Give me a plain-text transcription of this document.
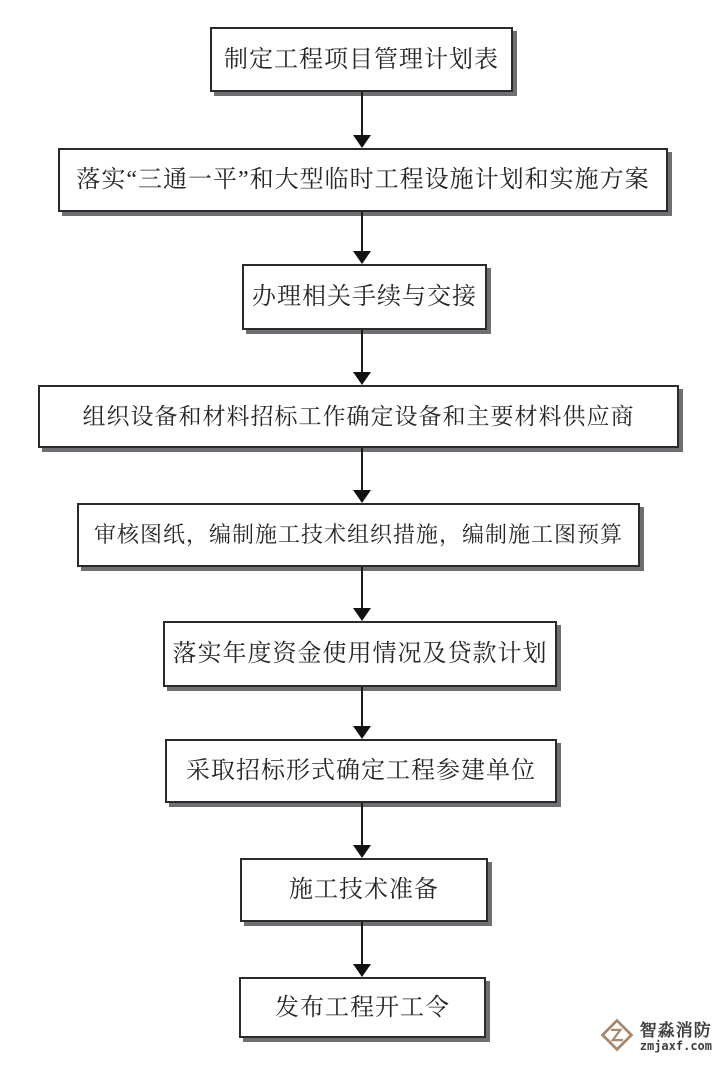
制定工程项目管理计划表
落实“三通一平”和大型临时工程设施计划和实施方案
办理相关手续与交接
组织设备和材料招标工作确定设备和主要材料供应商
审核图纸，编制施工技术组织措施，编制施工图预算
落实年度资金使用情况及贷款计划
采取招标形式确定工程参建单位
施工技术准备
发布工程开工令
智淼消防
zmjaxf.com
